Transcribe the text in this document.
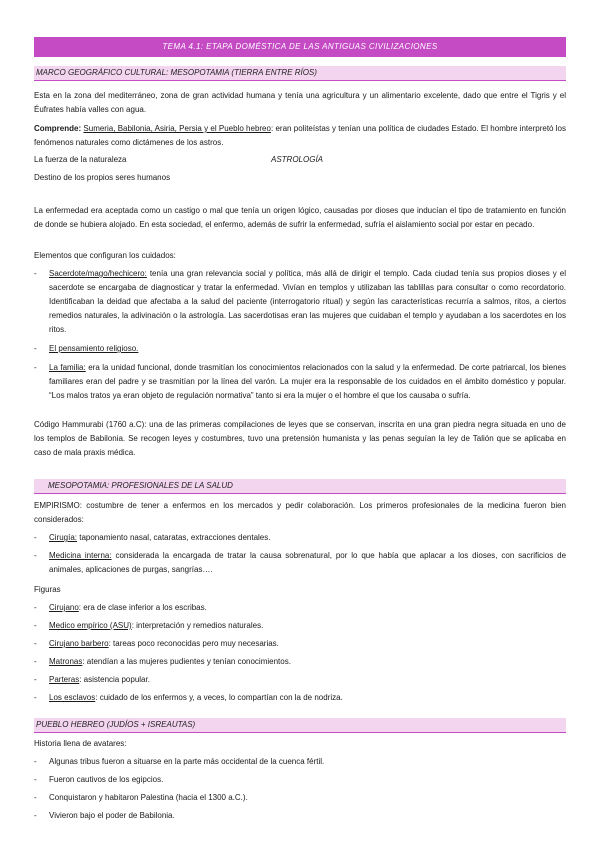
TEMA 4.1: ETAPA DOMÉSTICA DE LAS ANTIGUAS CIVILIZACIONES
MARCO GEOGRÁFICO CULTURAL: MESOPOTAMIA (TIERRA ENTRE RÍOS)
Esta en la zona del mediterráneo, zona de gran actividad humana y tenía una agricultura y un alimentario excelente, dado que entre el Tigris y el Éufrates había valles con agua.
Comprende: Sumeria, Babilonia, Asiria, Persia y el Pueblo hebreo: eran politeístas y tenían una política de ciudades Estado. El hombre interpretó los fenómenos naturales como dictámenes de los astros.
La fuerza de la naturaleza	ASTROLOGÍA
Destino de los propios seres humanos
La enfermedad era aceptada como un castigo o mal que tenía un origen lógico, causadas por dioses que inducían el tipo de tratamiento en función de donde se hubiera alojado. En esta sociedad, el enfermo, además de sufrir la enfermedad, sufría el aislamiento social por estar en pecado.
Elementos que configuran los cuidados:
-	Sacerdote/mago/hechicero: tenía una gran relevancia social y política, más allá de dirigir el templo. Cada ciudad tenía sus propios dioses y el sacerdote se encargaba de diagnosticar y tratar la enfermedad. Vivían en templos y utilizaban las tablillas para consultar o como recordatorio. Identificaban la deidad que afectaba a la salud del paciente (interrogatorio ritual) y según las características recurría a salmos, ritos, a ciertos remedios naturales, la adivinación o la astrología. Las sacerdotisas eran las mujeres que cuidaban el templo y ayudaban a los sacerdotes en los ritos.
-	El pensamiento religioso.
-	La familia: era la unidad funcional, donde trasmitían los conocimientos relacionados con la salud y la enfermedad. De corte patriarcal, los bienes familiares eran del padre y se trasmitían por la línea del varón. La mujer era la responsable de los cuidados en el ámbito doméstico y popular. “Los malos tratos ya eran objeto de regulación normativa” tanto si era la mujer o el hombre el que los causaba o sufría.
Código Hammurabi (1760 a.C): una de las primeras compilaciones de leyes que se conservan, inscrita en una gran piedra negra situada en uno de los templos de Babilonia. Se recogen leyes y costumbres, tuvo una pretensión humanista y las penas seguían la ley de Talión que se aplicaba en caso de mala praxis médica.
MESOPOTAMIA: PROFESIONALES DE LA SALUD
EMPIRISMO: costumbre de tener a enfermos en los mercados y pedir colaboración. Los primeros profesionales de la medicina fueron bien considerados:
-	Cirugía: taponamiento nasal, cataratas, extracciones dentales.
-	Medicina interna: considerada la encargada de tratar la causa sobrenatural, por lo que había que aplacar a los dioses, con sacrificios de animales, aplicaciones de purgas, sangrías….
Figuras
-	Cirujano: era de clase inferior a los escribas.
-	Medico empírico (ASU): interpretación y remedios naturales.
-	Cirujano barbero: tareas poco reconocidas pero muy necesarias.
-	Matronas: atendían a las mujeres pudientes y tenían conocimientos.
-	Parteras: asistencia popular.
-	Los esclavos: cuidado de los enfermos y, a veces, lo compartían con la de nodriza.
PUEBLO HEBREO (JUDÍOS + ISREAUTAS)
Historia llena de avatares:
-	Algunas tribus fueron a situarse en la parte más occidental de la cuenca fértil.
-	Fueron cautivos de los egipcios.
-	Conquistaron y habitaron Palestina (hacia el 1300 a.C.).
-	Vivieron bajo el poder de Babilonia.
